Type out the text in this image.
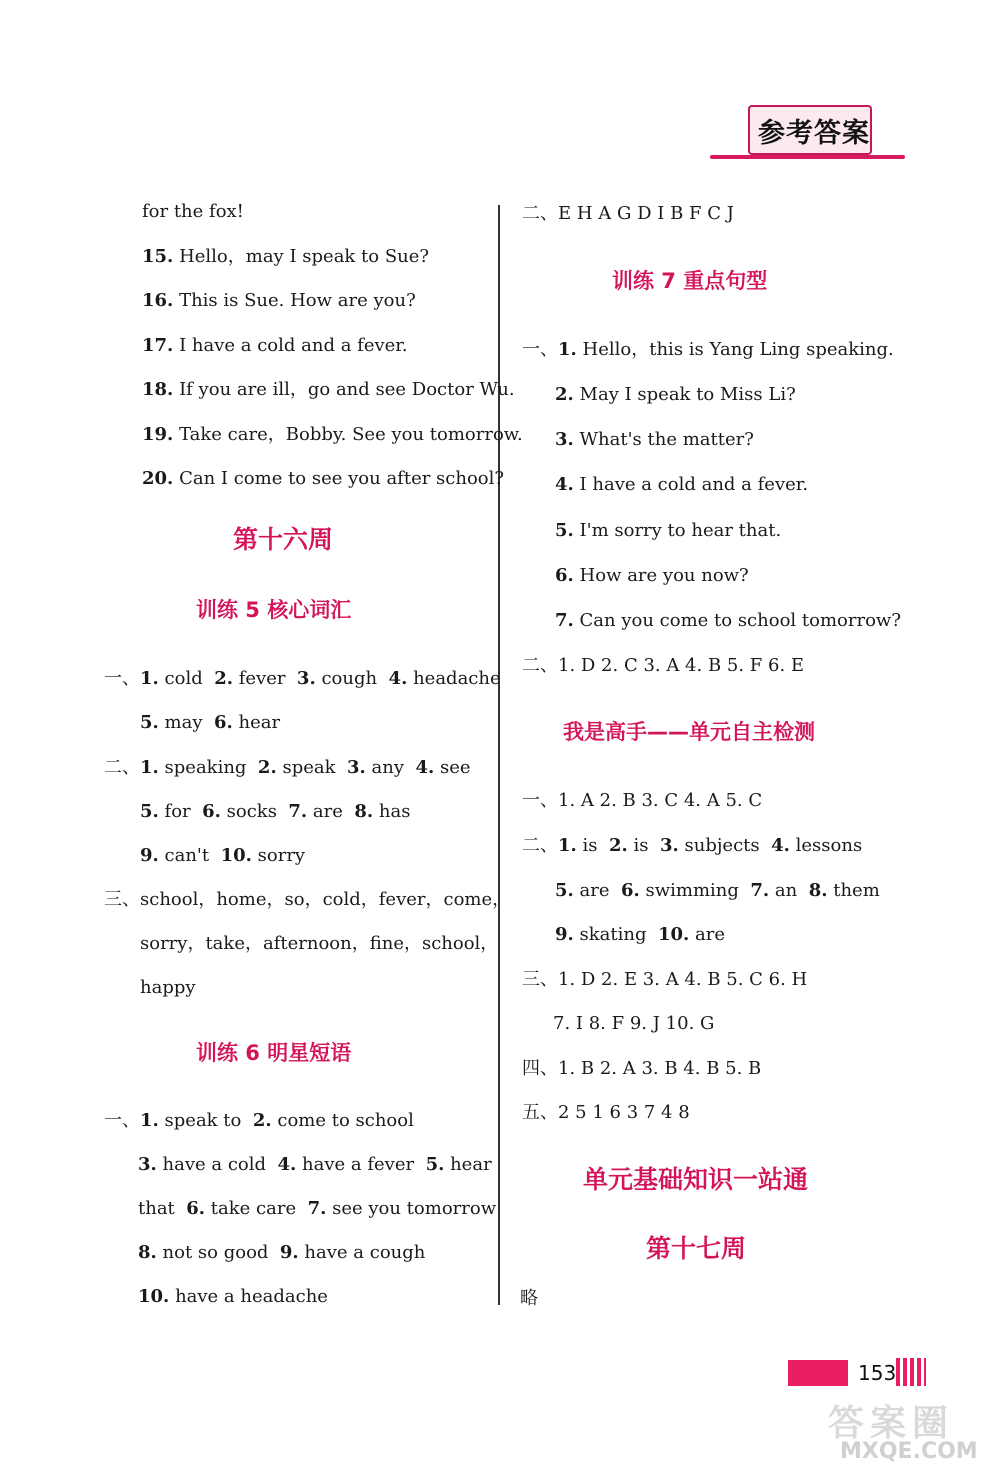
参考答案
for the fox!
15. Hello，may I speak to Sue?
16. This is Sue. How are you?
17. I have a cold and a fever.
18. If you are ill，go and see Doctor Wu.
19. Take care，Bobby. See you tomorrow.
20. Can I come to see you after school?
第十六周
训练 5 核心词汇
一、1. cold 2. fever 3. cough 4. headache
5. may 6. hear
二、1. speaking 2. speak 3. any 4. see
5. for 6. socks 7. are 8. has
9. can't 10. sorry
三、school，home，so，cold，fever，come，
sorry，take，afternoon，fine，school，
happy
训练 6 明星短语
一、1. speak to 2. come to school
3. have a cold 4. have a fever 5. hear
that 6. take care 7. see you tomorrow
8. not so good 9. have a cough
10. have a headache
二、E H A G D I B F C J
训练 7 重点句型
一、1. Hello，this is Yang Ling speaking.
2. May I speak to Miss Li?
3. What's the matter?
4. I have a cold and a fever.
5. I'm sorry to hear that.
6. How are you now?
7. Can you come to school tomorrow?
二、1. D 2. C 3. A 4. B 5. F 6. E
我是高手——单元自主检测
一、1. A 2. B 3. C 4. A 5. C
二、1. is 2. is 3. subjects 4. lessons
5. are 6. swimming 7. an 8. them
9. skating 10. are
三、1. D 2. E 3. A 4. B 5. C 6. H
7. I 8. F 9. J 10. G
四、1. B 2. A 3. B 4. B 5. B
五、2 5 1 6 3 7 4 8
单元基础知识一站通
第十七周
略
153
答案圈
MXQE.COM
